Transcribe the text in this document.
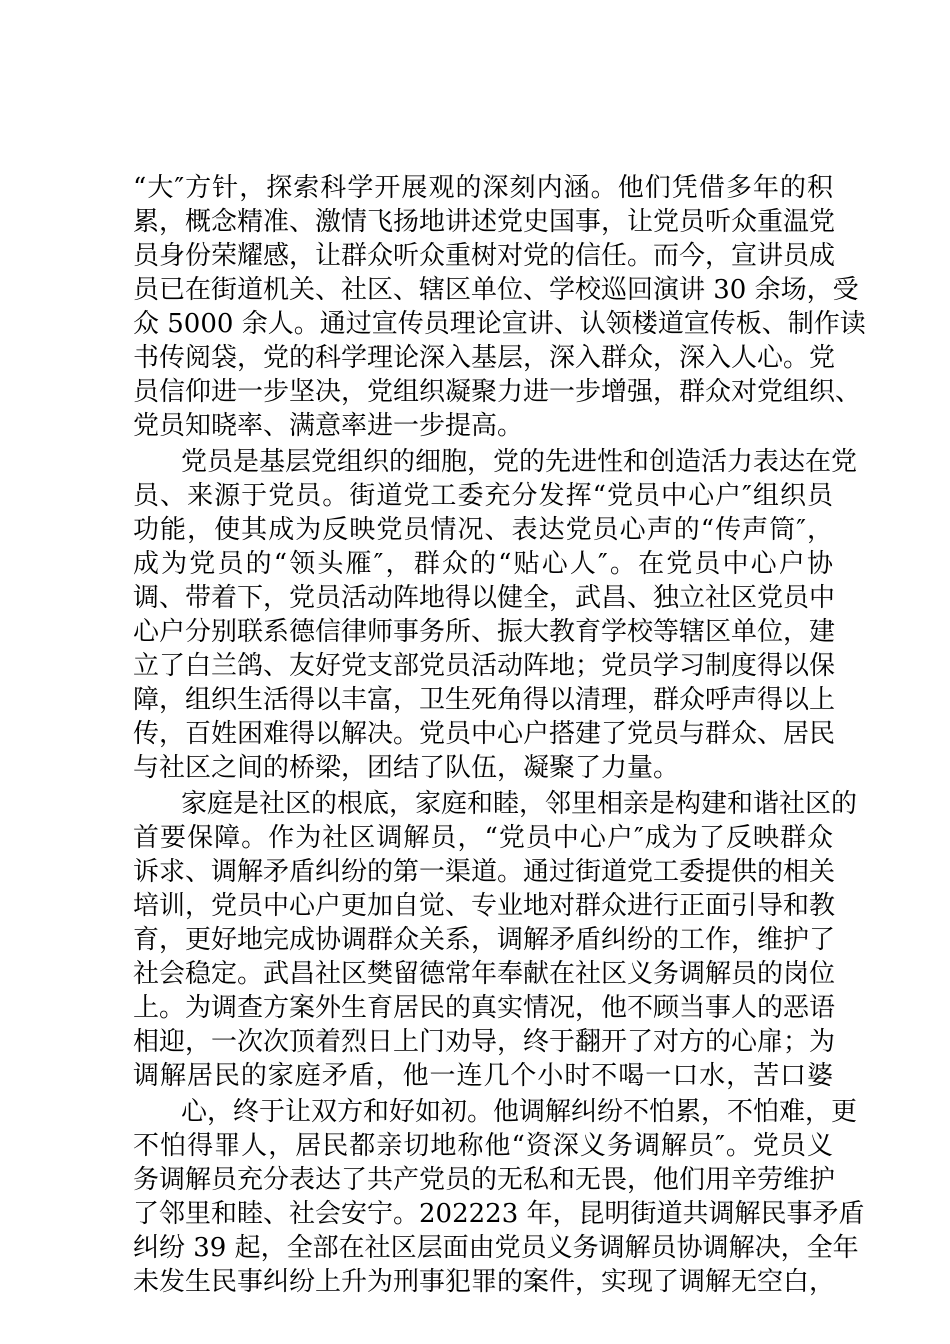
“大″方针，探索科学开展观的深刻内涵。他们凭借多年的积

累，概念精准、激情飞扬地讲述党史国事，让党员听众重温党

员身份荣耀感，让群众听众重树对党的信任。而今，宣讲员成

员已在街道机关、社区、辖区单位、学校巡回演讲 30 余场，受

众 5000 余人。通过宣传员理论宣讲、认领楼道宣传板、制作读

书传阅袋，党的科学理论深入基层，深入群众，深入人心。党

员信仰进一步坚决，党组织凝聚力进一步增强，群众对党组织、

党员知晓率、满意率进一步提高。

党员是基层党组织的细胞，党的先进性和创造活力表达在党

员、来源于党员。街道党工委充分发挥“党员中心户″组织员

功能，使其成为反映党员情况、表达党员心声的“传声筒″，

成为党员的“领头雁″，群众的“贴心人″。在党员中心户协

调、带着下，党员活动阵地得以健全，武昌、独立社区党员中

心户分别联系德信律师事务所、振大教育学校等辖区单位，建

立了白兰鸽、友好党支部党员活动阵地；党员学习制度得以保

障，组织生活得以丰富，卫生死角得以清理，群众呼声得以上

传，百姓困难得以解决。党员中心户搭建了党员与群众、居民

与社区之间的桥梁，团结了队伍，凝聚了力量。

家庭是社区的根底，家庭和睦，邻里相亲是构建和谐社区的

首要保障。作为社区调解员，“党员中心户″成为了反映群众

诉求、调解矛盾纠纷的第一渠道。通过街道党工委提供的相关

培训，党员中心户更加自觉、专业地对群众进行正面引导和教

育，更好地完成协调群众关系，调解矛盾纠纷的工作，维护了

社会稳定。武昌社区樊留德常年奉献在社区义务调解员的岗位

上。为调查方案外生育居民的真实情况，他不顾当事人的恶语

相迎，一次次顶着烈日上门劝导，终于翻开了对方的心扉；为

调解居民的家庭矛盾，他一连几个小时不喝一口水，苦口婆

心，终于让双方和好如初。他调解纠纷不怕累，不怕难，更

不怕得罪人，居民都亲切地称他“资深义务调解员″。党员义

务调解员充分表达了共产党员的无私和无畏，他们用辛劳维护

了邻里和睦、社会安宁。202223 年，昆明街道共调解民事矛盾

纠纷 39 起，全部在社区层面由党员义务调解员协调解决，全年

未发生民事纠纷上升为刑事犯罪的案件，实现了调解无空白，
